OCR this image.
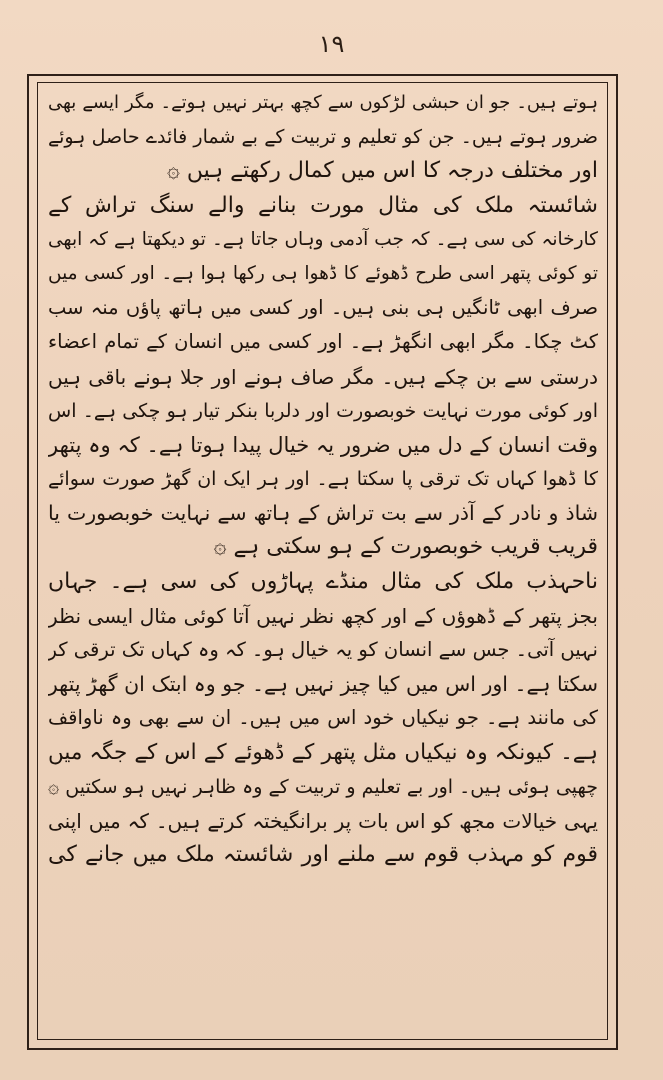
۱۹
ہوتے ہیں۔ جو ان حبشی لڑکوں سے کچھ بہتر نہیں ہوتے۔ مگر ایسے بھی
ضرور ہوتے ہیں۔ جن کو تعلیم و تربیت کے بے شمار فائدے حاصل ہوئے
اور مختلف درجہ کا اس میں کمال رکھتے ہیں ۞
شائستہ ملک کی مثال مورت بنانے والے سنگ تراش کے
کارخانہ کی سی ہے۔ کہ جب آدمی وہاں جاتا ہے۔ تو دیکھتا ہے کہ ابھی
تو کوئی پتھر اسی طرح ڈھوئے کا ڈھوا ہی رکھا ہوا ہے۔ اور کسی میں
صرف ابھی ٹانگیں ہی بنی ہیں۔ اور کسی میں ہاتھ پاؤں منہ سب
کٹ چکا۔ مگر ابھی انگھڑ ہے۔ اور کسی میں انسان کے تمام اعضاء
درستی سے بن چکے ہیں۔ مگر صاف ہونے اور جلا ہونے باقی ہیں
اور کوئی مورت نہایت خوبصورت اور دلربا بنکر تیار ہو چکی ہے۔ اس
وقت انسان کے دل میں ضرور یہ خیال پیدا ہوتا ہے۔ کہ وہ پتھر
کا ڈھوا کہاں تک ترقی پا سکتا ہے۔ اور ہر ایک ان گھڑ صورت سوائے
شاذ و نادر کے آذر سے بت تراش کے ہاتھ سے نہایت خوبصورت یا
قریب قریب خوبصورت کے ہو سکتی ہے ۞
ناحہذب ملک کی مثال منڈے پہاڑوں کی سی ہے۔ جہاں
بجز پتھر کے ڈھوؤں کے اور کچھ نظر نہیں آتا کوئی مثال ایسی نظر
نہیں آتی۔ جس سے انسان کو یہ خیال ہو۔ کہ وہ کہاں تک ترقی کر
سکتا ہے۔ اور اس میں کیا چیز نہیں ہے۔ جو وہ ابتک ان گھڑ پتھر
کی مانند ہے۔ جو نیکیاں خود اس میں ہیں۔ ان سے بھی وہ ناواقف
ہے۔ کیونکہ وہ نیکیاں مثل پتھر کے ڈھوئے کے اس کے جگہ میں
چھپی ہوئی ہیں۔ اور بے تعلیم و تربیت کے وہ ظاہر نہیں ہو سکتیں ۞
یہی خیالات مجھ کو اس بات پر برانگیختہ کرتے ہیں۔ کہ میں اپنی
قوم کو مہذب قوم سے ملنے اور شائستہ ملک میں جانے کی
